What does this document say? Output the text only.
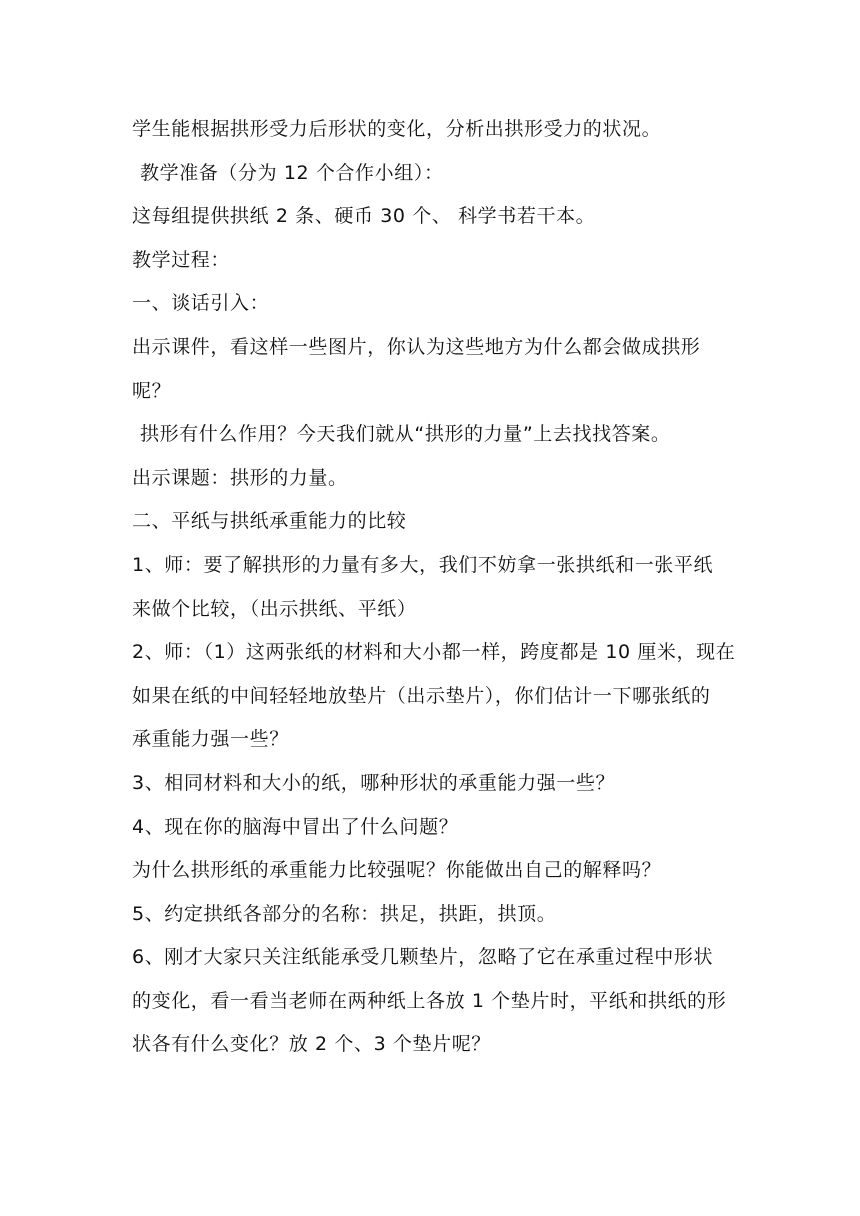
学生能根据拱形受力后形状的变化，分析出拱形受力的状况。

教学准备（分为 12 个合作小组）：

这每组提供拱纸 2 条、硬币 30 个、 科学书若干本。

教学过程：

一、谈话引入：

出示课件，看这样一些图片，你认为这些地方为什么都会做成拱形

呢？

拱形有什么作用？今天我们就从“拱形的力量”上去找找答案。

出示课题：拱形的力量。

二、平纸与拱纸承重能力的比较

1、师：要了解拱形的力量有多大，我们不妨拿一张拱纸和一张平纸

来做个比较，（出示拱纸、平纸）

2、师：（1）这两张纸的材料和大小都一样，跨度都是 10 厘米，现在

如果在纸的中间轻轻地放垫片（出示垫片），你们估计一下哪张纸的

承重能力强一些？

3、相同材料和大小的纸，哪种形状的承重能力强一些？

4、现在你的脑海中冒出了什么问题？

为什么拱形纸的承重能力比较强呢？你能做出自己的解释吗？

5、约定拱纸各部分的名称：拱足，拱距，拱顶。

6、刚才大家只关注纸能承受几颗垫片，忽略了它在承重过程中形状

的变化，看一看当老师在两种纸上各放 1 个垫片时，平纸和拱纸的形

状各有什么变化？放 2 个、3 个垫片呢？
